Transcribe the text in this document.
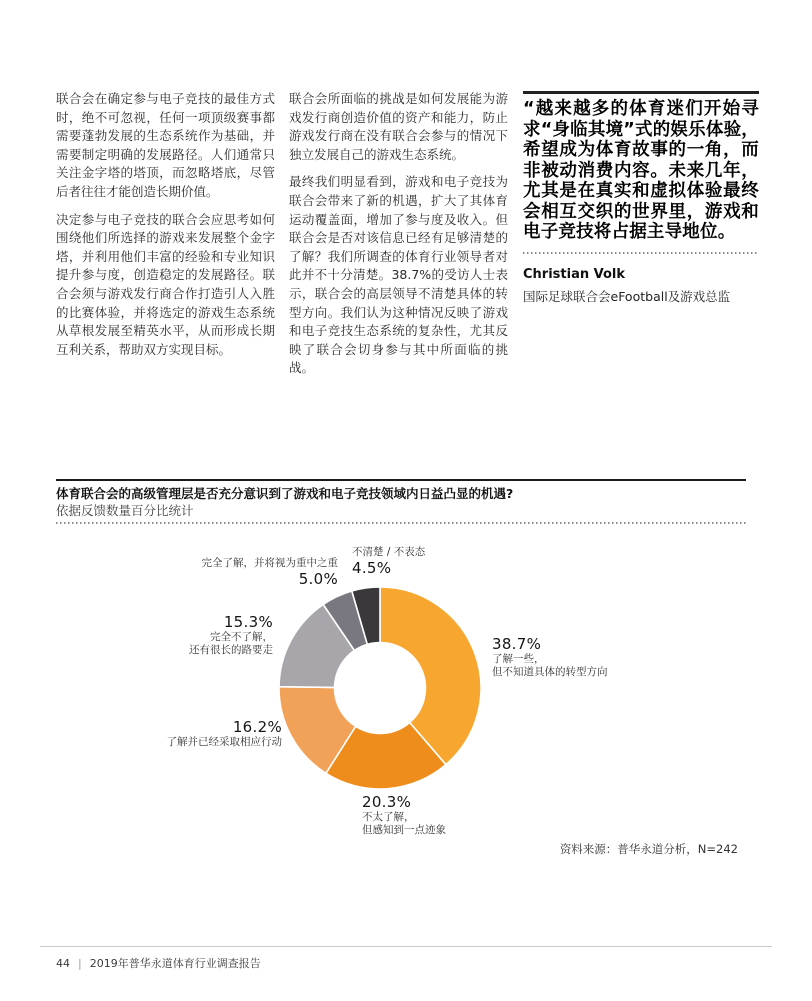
联合会在确定参与电子竞技的最佳方式时，绝不可忽视，任何一项顶级赛事都需要蓬勃发展的生态系统作为基础，并需要制定明确的发展路径。人们通常只关注金字塔的塔顶，而忽略塔底，尽管后者往往才能创造长期价值。

决定参与电子竞技的联合会应思考如何围绕他们所选择的游戏来发展整个金字塔，并利用他们丰富的经验和专业知识提升参与度，创造稳定的发展路径。联合会须与游戏发行商合作打造引人入胜的比赛体验，并将选定的游戏生态系统从草根发展至精英水平，从而形成长期互利关系，帮助双方实现目标。

联合会所面临的挑战是如何发展能为游戏发行商创造价值的资产和能力，防止游戏发行商在没有联合会参与的情况下独立发展自己的游戏生态系统。

最终我们明显看到，游戏和电子竞技为联合会带来了新的机遇，扩大了其体育运动覆盖面，增加了参与度及收入。但联合会是否对该信息已经有足够清楚的了解？我们所调查的体育行业领导者对此并不十分清楚。38.7%的受访人士表示，联合会的高层领导不清楚具体的转型方向。我们认为这种情况反映了游戏和电子竞技生态系统的复杂性，尤其反映了联合会切身参与其中所面临的挑战。

“越来越多的体育迷们开始寻求“身临其境”式的娱乐体验，希望成为体育故事的一角，而非被动消费内容。未来几年，尤其是在真实和虚拟体验最终会相互交织的世界里，游戏和电子竞技将占据主导地位。
Christian Volk
国际足球联合会eFootball及游戏总监
体育联合会的高级管理层是否充分意识到了游戏和电子竞技领域内日益凸显的机遇?
依据反馈数量百分比统计
不清楚 / 不表态
4.5%
完全了解，并将视为重中之重
5.0%
15.3%
完全不了解，
还有很长的路要走
16.2%
了解并已经采取相应行动
20.3%
不太了解，
但感知到一点迹象
38.7%
了解一些，
但不知道具体的转型方向
资料来源：普华永道分析，N=242
44 | 2019年普华永道体育行业调查报告
